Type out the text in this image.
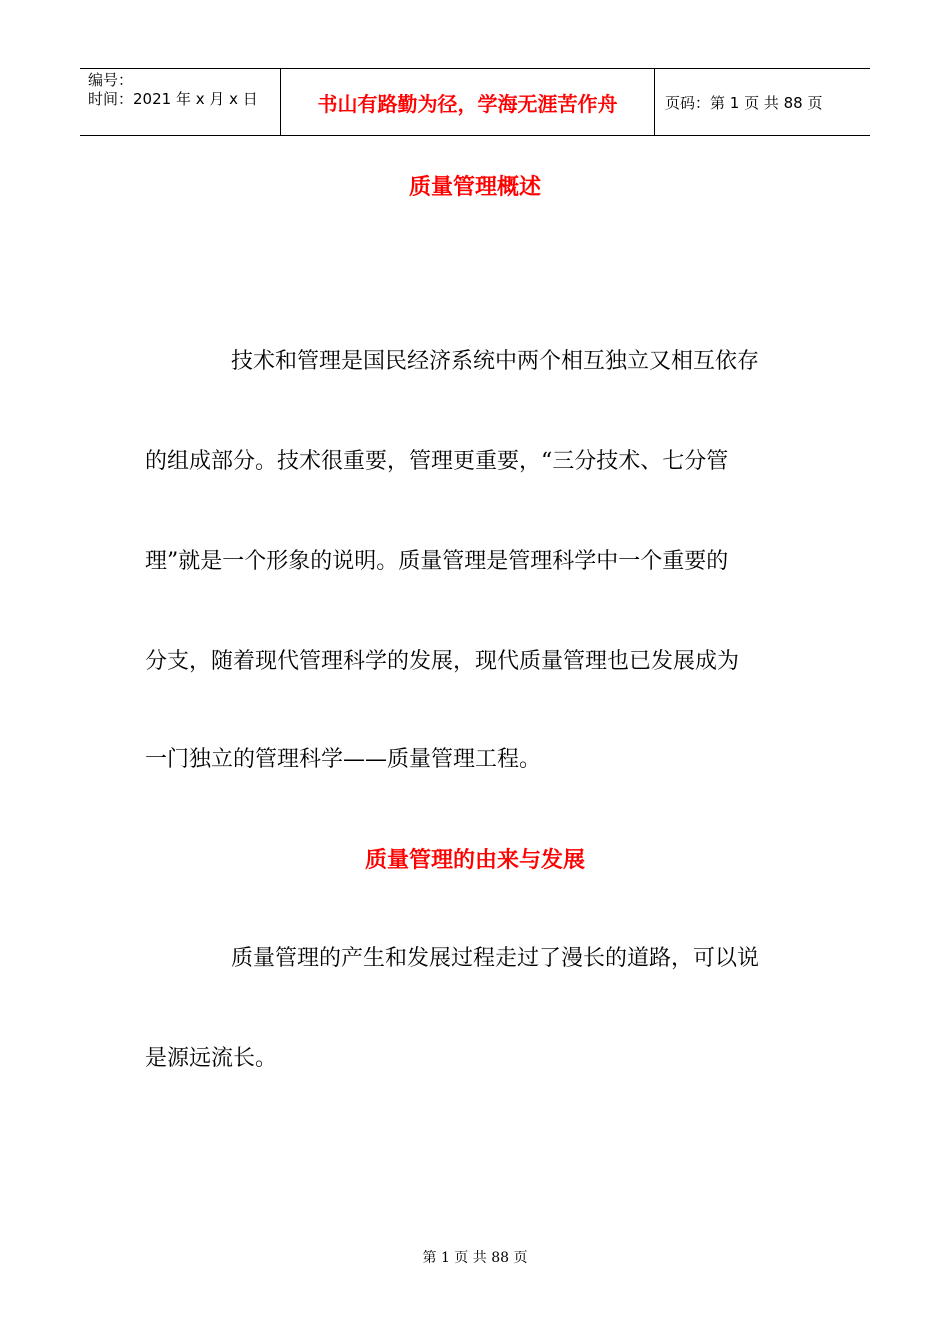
编号：
时间：2021 年 x 月 x 日	书山有路勤为径，学海无涯苦作舟	页码：第 1 页 共 88 页
质量管理概述
技术和管理是国民经济系统中两个相互独立又相互依存
的组成部分。技术很重要，管理更重要，“三分技术、七分管
理”就是一个形象的说明。质量管理是管理科学中一个重要的
分支，随着现代管理科学的发展，现代质量管理也已发展成为
一门独立的管理科学——质量管理工程。
质量管理的由来与发展
质量管理的产生和发展过程走过了漫长的道路，可以说
是源远流长。
第 1 页 共 88 页
